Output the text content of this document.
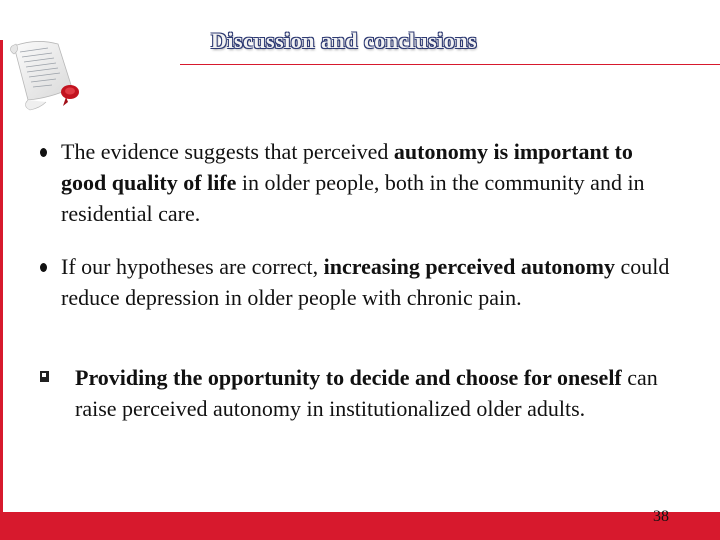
Discussion and conclusions
The evidence suggests that perceived autonomy is important to good quality of life in older people, both in the community and in residential care.
If our hypotheses are correct, increasing perceived autonomy could reduce depression in older people with chronic pain.
Providing the opportunity to decide and choose for oneself can raise perceived autonomy in institutionalized older adults.
38
